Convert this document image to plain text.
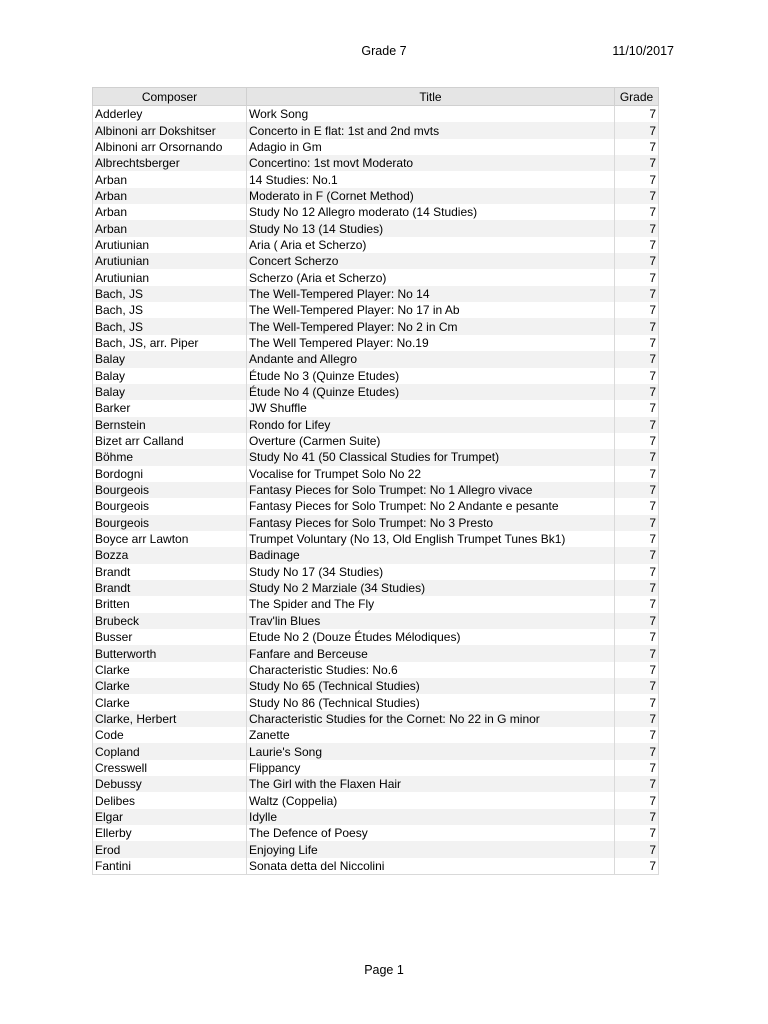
Grade 7	11/10/2017
Composer	Title	Grade
Adderley	Work Song	7
Albinoni arr Dokshitser	Concerto in E flat: 1st and 2nd mvts	7
Albinoni arr Orsornando	Adagio in Gm	7
Albrechtsberger	Concertino: 1st movt Moderato	7
Arban	14 Studies: No.1	7
Arban	Moderato in F (Cornet Method)	7
Arban	Study No 12 Allegro moderato (14 Studies)	7
Arban	Study No 13 (14 Studies)	7
Arutiunian	Aria ( Aria et Scherzo)	7
Arutiunian	Concert Scherzo	7
Arutiunian	Scherzo (Aria et Scherzo)	7
Bach, JS	The Well-Tempered Player: No 14	7
Bach, JS	The Well-Tempered Player: No 17 in Ab	7
Bach, JS	The Well-Tempered Player: No 2 in Cm	7
Bach, JS, arr. Piper	The Well Tempered Player: No.19	7
Balay	Andante and Allegro	7
Balay	Étude No 3 (Quinze Etudes)	7
Balay	Étude No 4 (Quinze Etudes)	7
Barker	JW Shuffle	7
Bernstein	Rondo for Lifey	7
Bizet arr Calland	Overture (Carmen Suite)	7
Böhme	Study No 41 (50 Classical Studies for Trumpet)	7
Bordogni	Vocalise for Trumpet Solo No 22	7
Bourgeois	Fantasy Pieces for Solo Trumpet: No 1 Allegro vivace	7
Bourgeois	Fantasy Pieces for Solo Trumpet: No 2 Andante e pesante	7
Bourgeois	Fantasy Pieces for Solo Trumpet: No 3 Presto	7
Boyce arr Lawton	Trumpet Voluntary (No 13, Old English Trumpet Tunes Bk1)	7
Bozza	Badinage	7
Brandt	Study No 17 (34 Studies)	7
Brandt	Study No 2 Marziale (34 Studies)	7
Britten	The Spider and The Fly	7
Brubeck	Trav'lin Blues	7
Busser	Etude No 2 (Douze Études Mélodiques)	7
Butterworth	Fanfare and Berceuse	7
Clarke	Characteristic Studies: No.6	7
Clarke	Study No 65 (Technical Studies)	7
Clarke	Study No 86 (Technical Studies)	7
Clarke, Herbert	Characteristic Studies for the Cornet: No 22 in G minor	7
Code	Zanette	7
Copland	Laurie's Song	7
Cresswell	Flippancy	7
Debussy	The Girl with the Flaxen Hair	7
Delibes	Waltz (Coppelia)	7
Elgar	Idylle	7
Ellerby	The Defence of Poesy	7
Erod	Enjoying Life	7
Fantini	Sonata detta del Niccolini	7
Page 1
